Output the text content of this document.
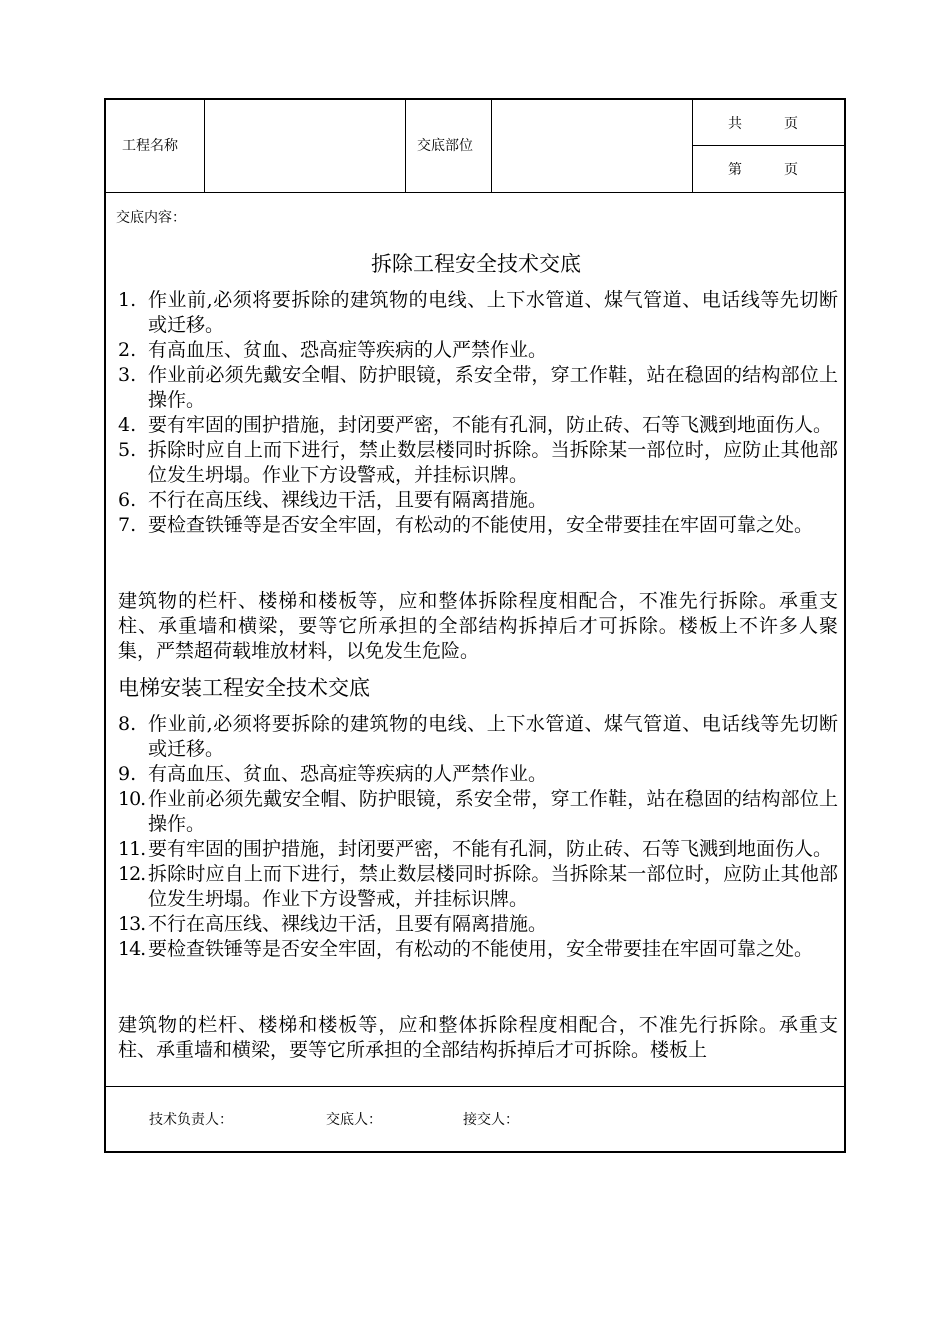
工程名称	交底部位
共　　　页
第　　　页
交底内容：
拆除工程安全技术交底
1. 作业前,必须将要拆除的建筑物的电线、上下水管道、煤气管道、电话线等先切断或迁移。
2. 有高血压、贫血、恐高症等疾病的人严禁作业。
3. 作业前必须先戴安全帽、防护眼镜，系安全带，穿工作鞋，站在稳固的结构部位上操作。
4. 要有牢固的围护措施，封闭要严密，不能有孔洞，防止砖、石等飞溅到地面伤人。
5. 拆除时应自上而下进行，禁止数层楼同时拆除。当拆除某一部位时，应防止其他部位发生坍塌。作业下方设警戒，并挂标识牌。
6. 不行在高压线、裸线边干活，且要有隔离措施。
7. 要检查铁锤等是否安全牢固，有松动的不能使用，安全带要挂在牢固可靠之处。
建筑物的栏杆、楼梯和楼板等，应和整体拆除程度相配合，不准先行拆除。承重支柱、承重墙和横梁，要等它所承担的全部结构拆掉后才可拆除。楼板上不许多人聚集，严禁超荷载堆放材料，以免发生危险。
电梯安装工程安全技术交底
8. 作业前,必须将要拆除的建筑物的电线、上下水管道、煤气管道、电话线等先切断或迁移。
9. 有高血压、贫血、恐高症等疾病的人严禁作业。
10. 作业前必须先戴安全帽、防护眼镜，系安全带，穿工作鞋，站在稳固的结构部位上操作。
11. 要有牢固的围护措施，封闭要严密，不能有孔洞，防止砖、石等飞溅到地面伤人。
12. 拆除时应自上而下进行，禁止数层楼同时拆除。当拆除某一部位时，应防止其他部位发生坍塌。作业下方设警戒，并挂标识牌。
13. 不行在高压线、裸线边干活，且要有隔离措施。
14. 要检查铁锤等是否安全牢固，有松动的不能使用，安全带要挂在牢固可靠之处。
建筑物的栏杆、楼梯和楼板等，应和整体拆除程度相配合，不准先行拆除。承重支柱、承重墙和横梁，要等它所承担的全部结构拆掉后才可拆除。楼板上
技术负责人：	交底人：	接交人：
